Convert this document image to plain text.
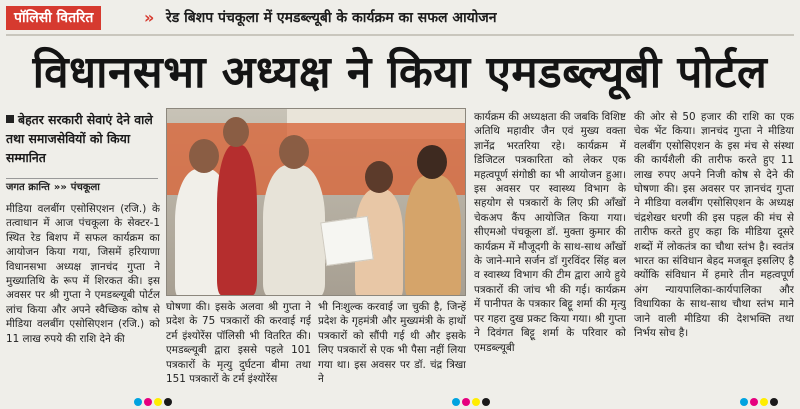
पॉलिसी वितरित	» रेड बिशप पंचकूला में एमडब्ल्यूबी के कार्यक्रम का सफल आयोजन
विधानसभा अध्यक्ष ने किया एमडब्ल्यूबी पोर्टल
बेहतर सरकारी सेवाएं देने वाले तथा समाजसेवियों को किया सम्मानित
जगत क्रान्ति »» पंचकूला
मीडिया वलबींग एसोसिएशन (रजि.) के तत्वाधान में आज पंचकूला के सेक्टर-1 स्थित रेड बिशप में सफल कार्यक्रम का आयोजन किया गया, जिसमें हरियाणा विधानसभा अध्यक्ष ज्ञानचंद गुप्ता ने मुख्यातिथि के रूप में शिरकत की। इस अवसर पर श्री गुप्ता ने एमडब्ल्यूबी पोर्टल लांच किया और अपने स्वैच्छिक कोष से मीडिया वलबींग एसोसिएशन (रजि.) को 11 लाख रुपये की राशि देने की
घोषणा की। इसके अलवा श्री गुप्ता ने प्रदेश के 75 पत्रकारों की करवाई गई टर्म इंश्योरेंस पॉलिसी भी वितरित की। एमडब्ल्यूबी द्वारा इससे पहले 101 पत्रकारों के मृत्यु दुर्घटना बीमा तथा 151 पत्रकारों के टर्म इंश्योरेंस
भी निःशुल्क करवाई जा चुकी है, जिन्हें प्रदेश के गृहमंत्री और मुख्यमंत्री के हाथों पत्रकारों को सौंपी गई थी और इसके लिए पत्रकारों से एक भी पैसा नहीं लिया गया था। इस अवसर पर डॉ. चंद्र त्रिखा ने
कार्यक्रम की अध्यक्षता की जबकि विशिष्ट अतिथि महावीर जैन एवं मुख्य वक्ता ज्ञानेंद्र भरतरिया रहे। कार्यक्रम में डिजिटल पत्रकारिता को लेकर एक महत्वपूर्ण संगोष्ठी का भी आयोजन हुआ। इस अवसर पर स्वास्थ्य विभाग के सहयोग से पत्रकारों के लिए फ्री आँखों चेकअप कैंप आयोजित किया गया। सीएमओ पंचकूला डॉ. मुक्ता कुमार की कार्यक्रम में मौजूदगी के साथ-साथ आँखों के जाने-माने सर्जन डॉ गुरविंदर सिंह बल व स्वास्थ्य विभाग की टीम द्वारा आये हुये पत्रकारों की जांच भी की गई। कार्यक्रम में पानीपत के पत्रकार बिट्टू शर्मा की मृत्यु पर गहरा दुख प्रकट किया गया। श्री गुप्ता ने दिवंगत बिट्टू शर्मा के परिवार को एमडब्ल्यूबी
की ओर से 50 हजार की राशि का एक चेक भेंट किया। ज्ञानचंद गुप्ता ने मीडिया वलबींग एसोसिएशन के इस मंच से संस्था की कार्यशैली की तारीफ करते हुए 11 लाख रुपए अपने निजी कोष से देने की घोषणा की। इस अवसर पर ज्ञानचंद गुप्ता ने मीडिया वलबींग एसोसिएशन के अध्यक्ष चंद्रशेखर धरणी की इस पहल की मंच से तारीफ करते हुए कहा कि मीडिया दूसरे शब्दों में लोकतंत्र का चौथा स्तंभ है। स्वतंत्र भारत का संविधान बेहद मजबूत इसलिए है क्योंकि संविधान में हमारे तीन महत्वपूर्ण अंग न्यायपालिका-कार्यपालिका और विधायिका के साथ-साथ चौथा स्तंभ माने जाने वाली मीडिया की देशभक्ति तथा निर्भय सोच है।
